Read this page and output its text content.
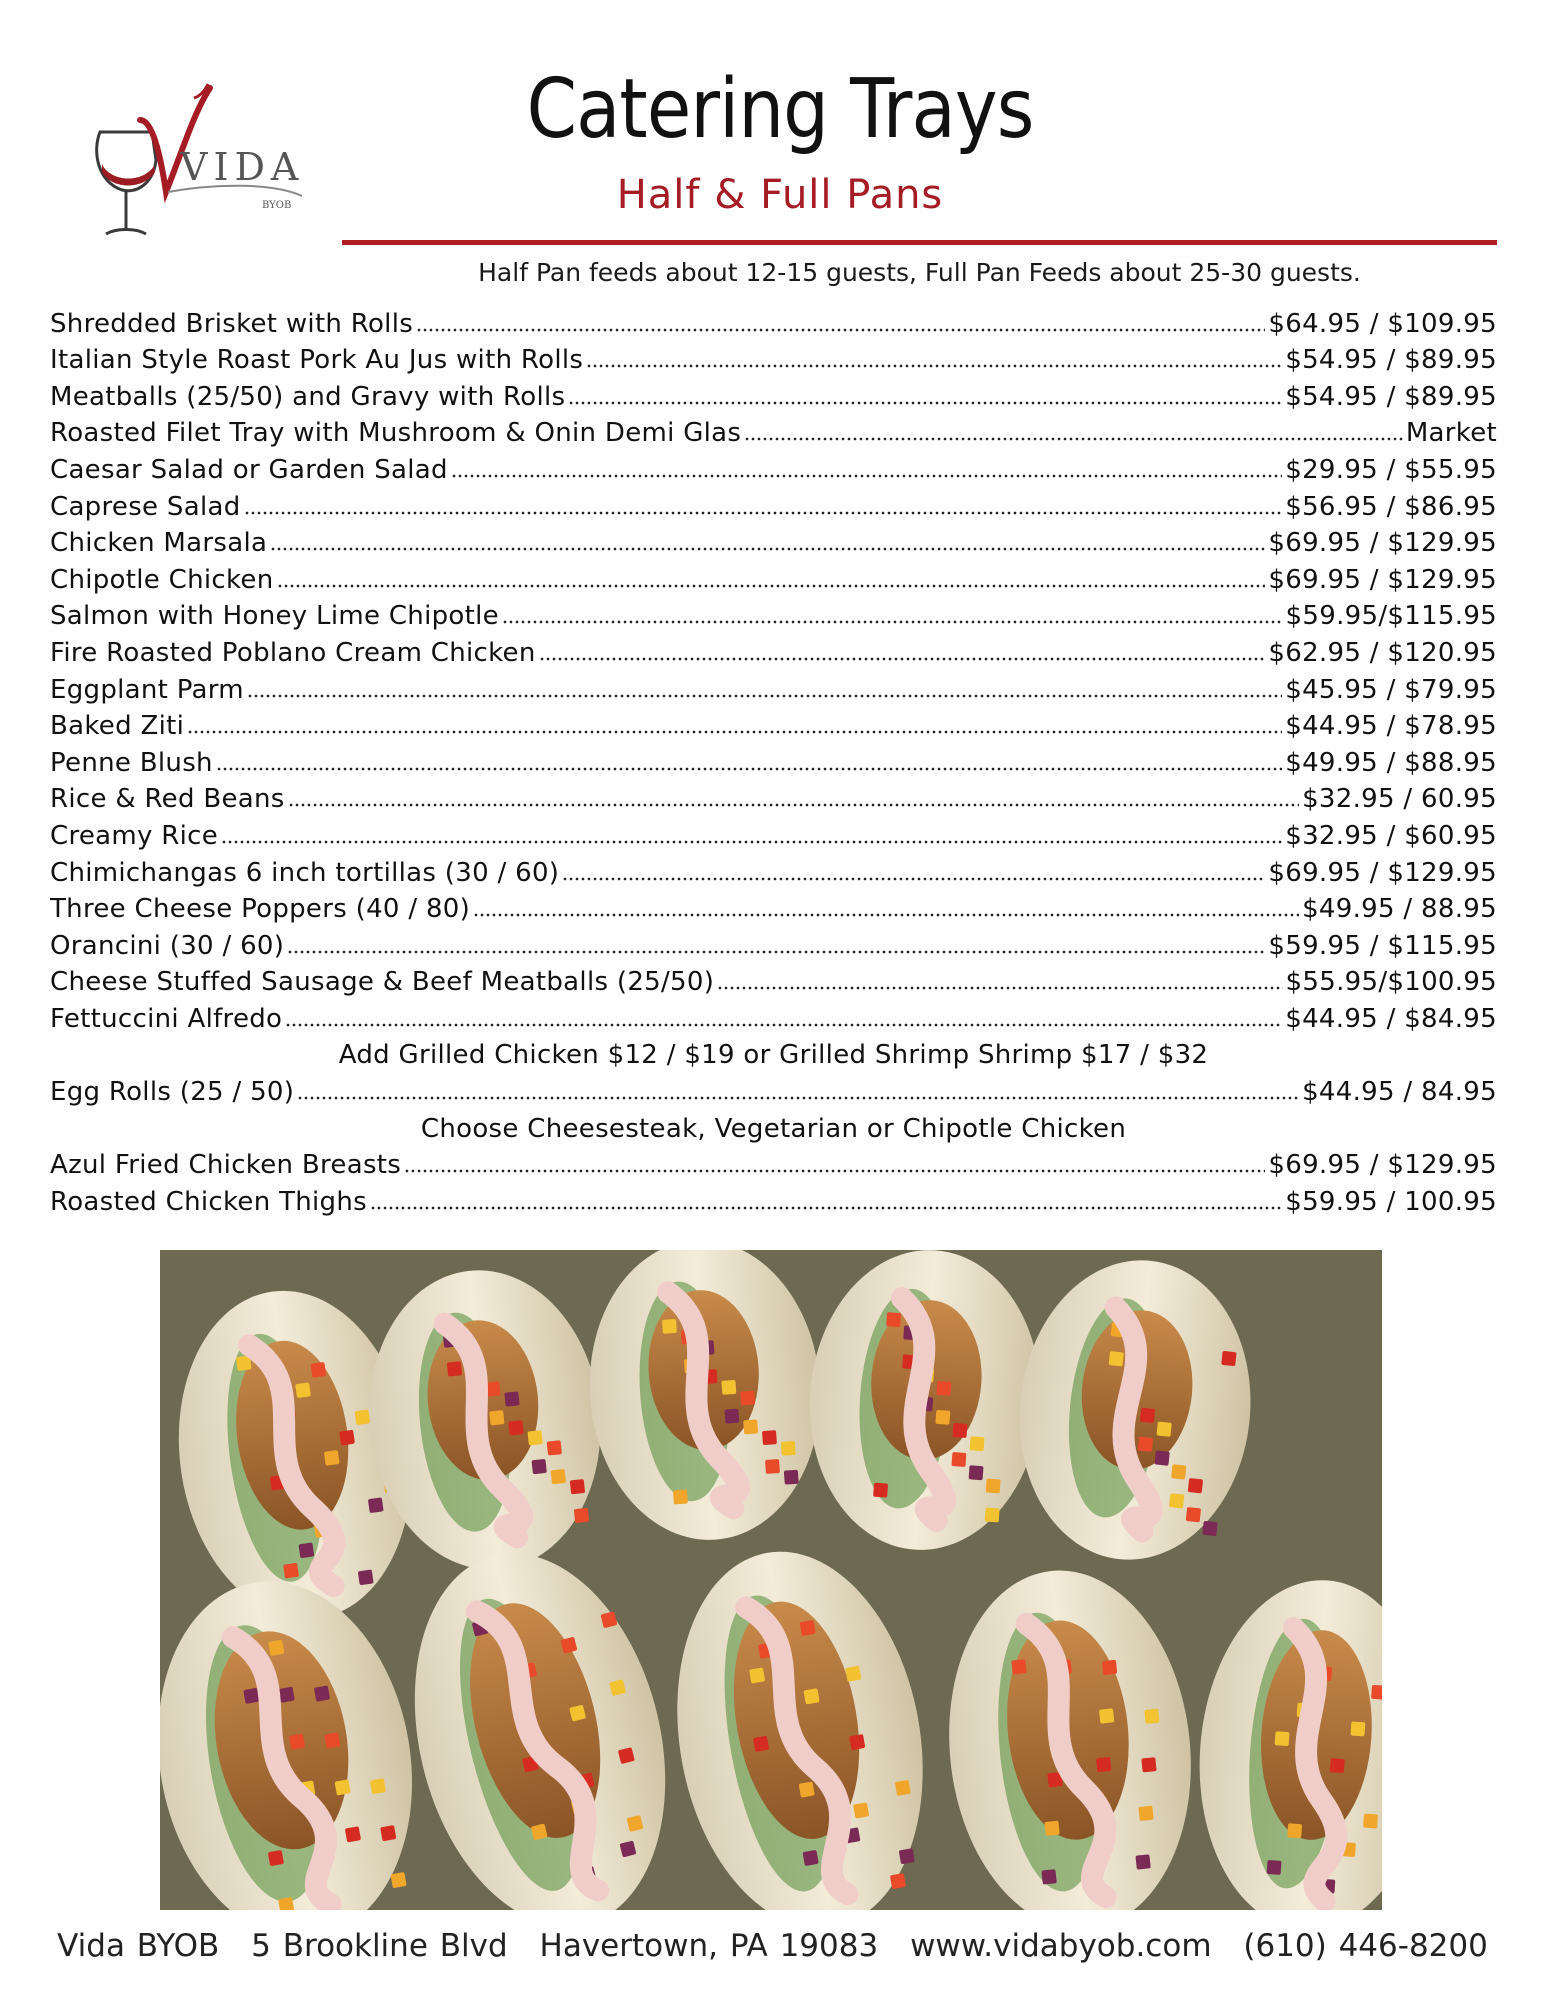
VIDA
BYOB
Catering Trays
Half & Full Pans
Half Pan feeds about 12-15 guests, Full Pan Feeds about 25-30 guests.
Shredded Brisket with Rolls	$64.95 / $109.95
Italian Style Roast Pork Au Jus with Rolls	$54.95 / $89.95
Meatballs (25/50) and Gravy with Rolls	$54.95 / $89.95
Roasted Filet Tray with Mushroom & Onin Demi Glas	Market
Caesar Salad or Garden Salad	$29.95 / $55.95
Caprese Salad	$56.95 / $86.95
Chicken Marsala	$69.95 / $129.95
Chipotle Chicken	$69.95 / $129.95
Salmon with Honey Lime Chipotle	$59.95/$115.95
Fire Roasted Poblano Cream Chicken	$62.95 / $120.95
Eggplant Parm	$45.95 / $79.95
Baked Ziti	$44.95 / $78.95
Penne Blush	$49.95 / $88.95
Rice & Red Beans	$32.95 / 60.95
Creamy Rice	$32.95 / $60.95
Chimichangas 6 inch tortillas (30 / 60)	$69.95 / $129.95
Three Cheese Poppers (40 / 80)	$49.95 / 88.95
Orancini (30 / 60)	$59.95 / $115.95
Cheese Stuffed Sausage & Beef Meatballs (25/50)	$55.95/$100.95
Fettuccini Alfredo	$44.95 / $84.95
Add Grilled Chicken $12 / $19 or Grilled Shrimp Shrimp $17 / $32
Egg Rolls (25 / 50)	$44.95 / 84.95
Choose Cheesesteak, Vegetarian or Chipotle Chicken
Azul Fried Chicken Breasts	$69.95 / $129.95
Roasted Chicken Thighs	$59.95 / 100.95
Vida BYOB 5 Brookline Blvd Havertown, PA 19083 www.vidabyob.com (610) 446-8200
